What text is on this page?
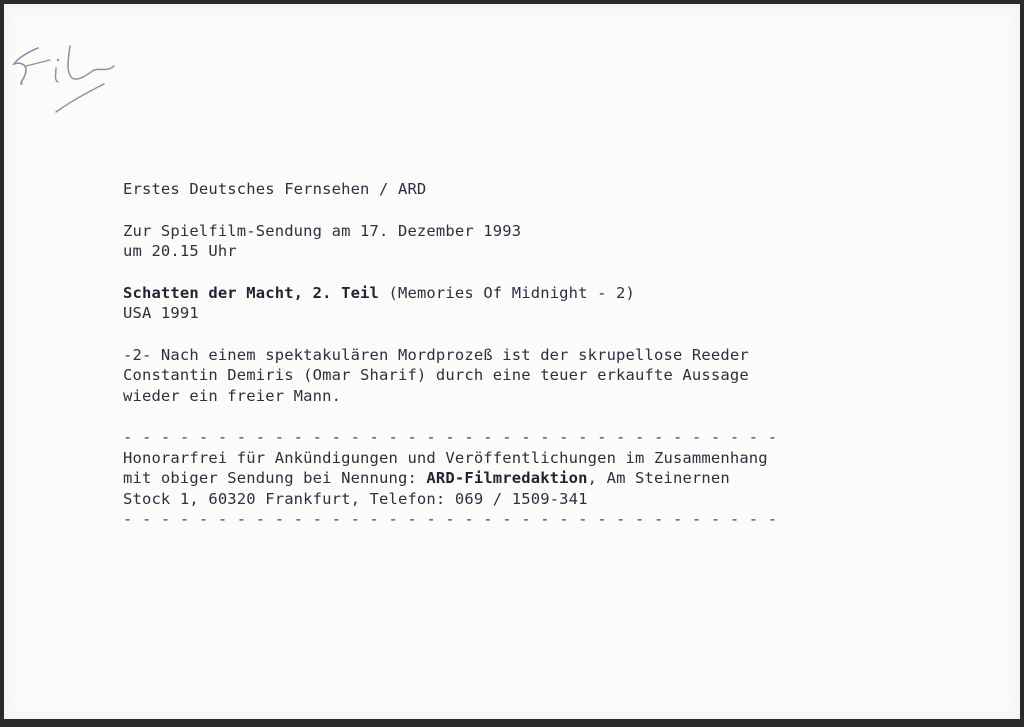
Erstes Deutsches Fernsehen / ARD

Zur Spielfilm-Sendung am 17. Dezember 1993

um 20.15 Uhr

Schatten der Macht, 2. Teil (Memories Of Midnight - 2)

USA 1991

-2- Nach einem spektakulären Mordprozeß ist der skrupellose Reeder

Constantin Demiris (Omar Sharif) durch eine teuer erkaufte Aussage

wieder ein freier Mann.

- - - - - - - - - - - - - - - - - - - - - - - - - - - - - - - - - - -

Honorarfrei für Ankündigungen und Veröffentlichungen im Zusammenhang

mit obiger Sendung bei Nennung: ARD-Filmredaktion, Am Steinernen

Stock 1, 60320 Frankfurt, Telefon: 069 / 1509-341

- - - - - - - - - - - - - - - - - - - - - - - - - - - - - - - - - - -
